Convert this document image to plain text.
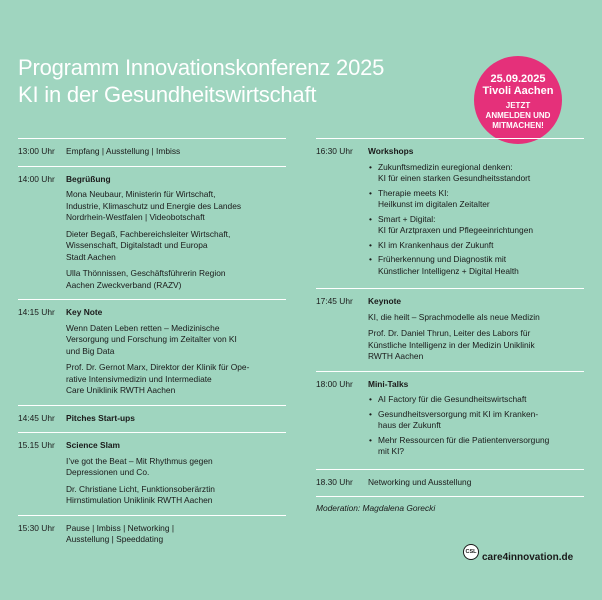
Programm Innovationskonferenz 2025
KI in der Gesundheitswirtschaft
25.09.2025
Tivoli Aachen
JETZT
ANMELDEN UND
MITMACHEN!
13:00 Uhr	Empfang | Ausstellung | Imbiss
14:00 Uhr	Begrüßung
Mona Neubaur, Ministerin für Wirtschaft,
Industrie, Klimaschutz und Energie des Landes
Nordrhein-Westfalen | Videobotschaft
Dieter Begaß, Fachbereichsleiter Wirtschaft,
Wissenschaft, Digitalstadt und Europa
Stadt Aachen
Ulla Thönnissen, Geschäftsführerin Region
Aachen Zweckverband (RAZV)
14:15 Uhr	Key Note
Wenn Daten Leben retten – Medizinische
Versorgung und Forschung im Zeitalter von KI
und Big Data
Prof. Dr. Gernot Marx, Direktor der Klinik für Ope-
rative Intensivmedizin und Intermediate
Care Uniklinik RWTH Aachen
14:45 Uhr	Pitches Start-ups
15.15 Uhr	Science Slam
I’ve got the Beat – Mit Rhythmus gegen
Depressionen und Co.
Dr. Christiane Licht, Funktionsoberärztin
Hirnstimulation Uniklinik RWTH Aachen
15:30 Uhr	Pause | Imbiss | Networking |
Ausstellung | Speeddating
16:30 Uhr	Workshops
• Zukunftsmedizin euregional denken:
KI für einen starken Gesundheitsstandort
• Therapie meets KI:
Heilkunst im digitalen Zeitalter
• Smart + Digital:
KI für Arztpraxen und Pflegeeinrichtungen
• KI im Krankenhaus der Zukunft
• Früherkennung und Diagnostik mit
Künstlicher Intelligenz + Digital Health
17:45 Uhr	Keynote
KI, die heilt – Sprachmodelle als neue Medizin
Prof. Dr. Daniel Thrun, Leiter des Labors für
Künstliche Intelligenz in der Medizin Uniklinik
RWTH Aachen
18:00 Uhr	Mini-Talks
• AI Factory für die Gesundheitswirtschaft
• Gesundheitsversorgung mit KI im Kranken-
haus der Zukunft
• Mehr Ressourcen für die Patientenversorgung
mit KI?
18.30 Uhr	Networking und Ausstellung
Moderation: Magdalena Gorecki
CSL
care4innovation.de
